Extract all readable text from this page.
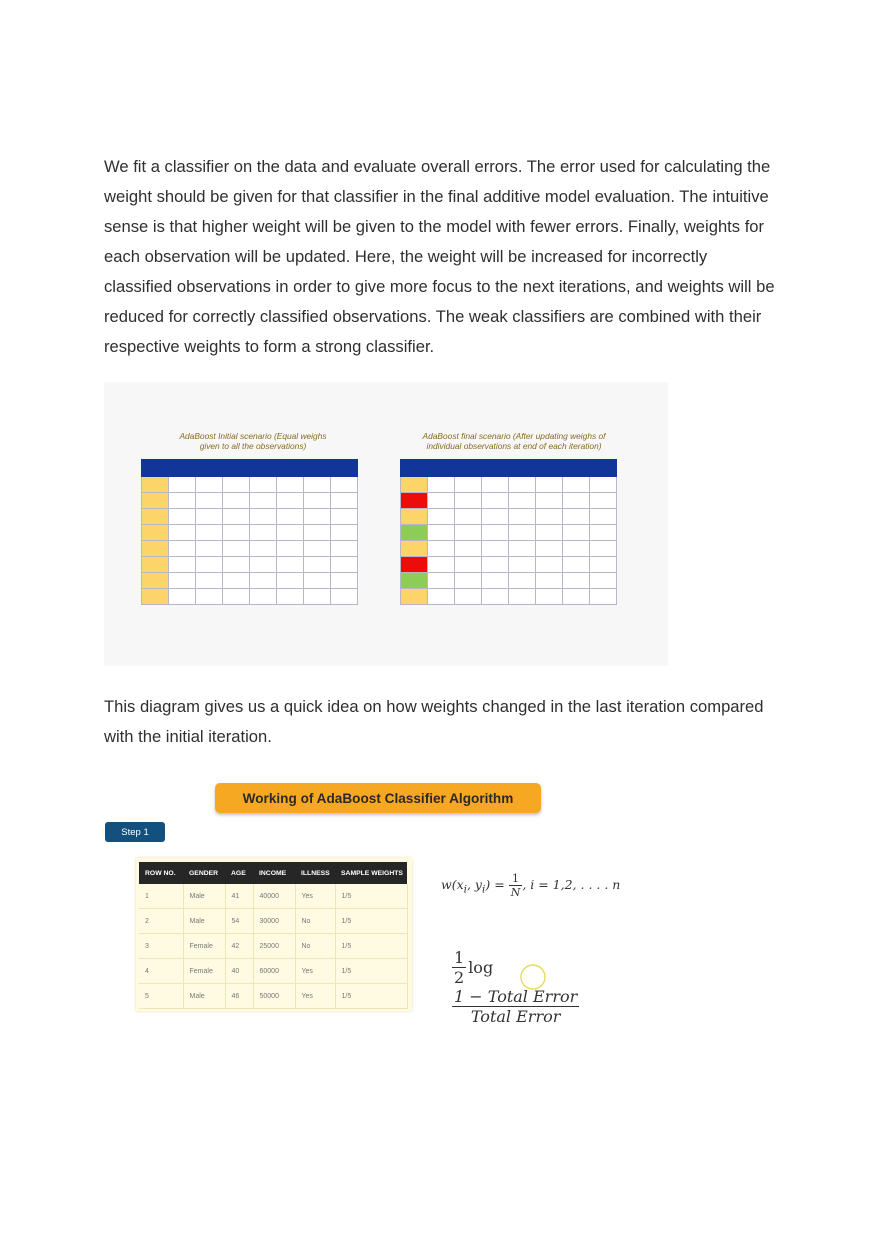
We fit a classifier on the data and evaluate overall errors. The error used for calculating the weight should be given for that classifier in the final additive model evaluation. The intuitive sense is that higher weight will be given to the model with fewer errors. Finally, weights for each observation will be updated. Here, the weight will be increased for incorrectly classified observations in order to give more focus to the next iterations, and weights will be reduced for correctly classified observations. The weak classifiers are combined with their respective weights to form a strong classifier.

AdaBoost Initial scenario (Equal weighs
given to all the observations)
AdaBoost final scenario (After updating weighs of
individual observations at end of each iteration)

This diagram gives us a quick idea on how weights changed in the last iteration compared with the initial iteration.

Working of AdaBoost Classifier Algorithm
Step 1
ROW NO.	GENDER	AGE	INCOME	ILLNESS	SAMPLE WEIGHTS
1	Male	41	40000	Yes	1/5
2	Male	54	30000	No	1/5
3	Female	42	25000	No	1/5
4	Female	40	60000	Yes	1/5
5	Male	46	50000	Yes	1/5
$w(x_i$, $y_i) = \frac{1}{N}$ , i = 1,2, . . . . n
$\frac{1}{2}$ log
$\frac{\text{1 − Total Error}}{\text{Total Error}}$
